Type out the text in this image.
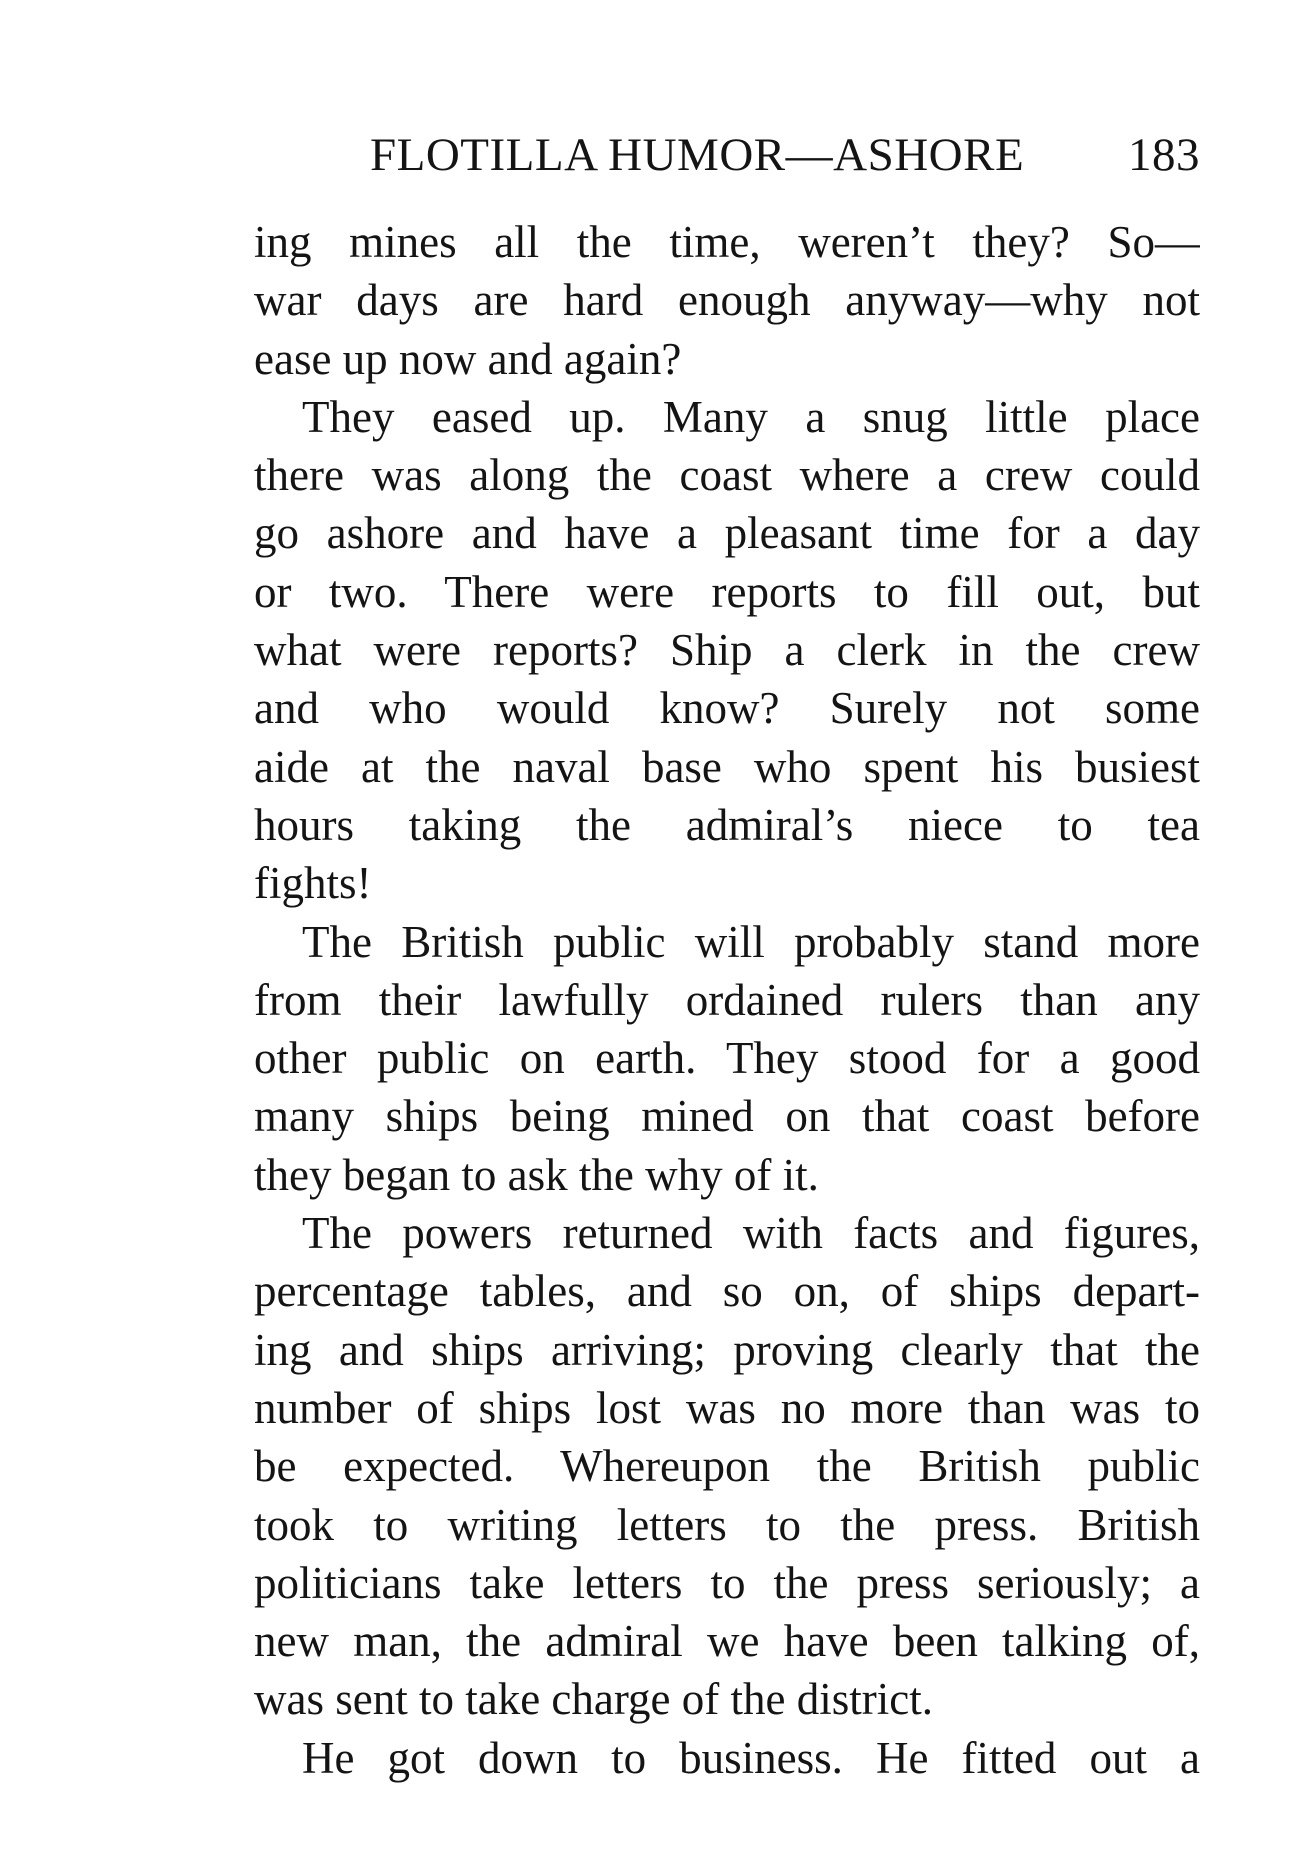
FLOTILLA HUMOR—ASHORE 183
ing mines all the time, weren’t they? So—
war days are hard enough anyway—why not
ease up now and again?
They eased up. Many a snug little place
there was along the coast where a crew could
go ashore and have a pleasant time for a day
or two. There were reports to fill out, but
what were reports? Ship a clerk in the crew
and who would know? Surely not some
aide at the naval base who spent his busiest
hours taking the admiral’s niece to tea
fights!
The British public will probably stand more
from their lawfully ordained rulers than any
other public on earth. They stood for a good
many ships being mined on that coast before
they began to ask the why of it.
The powers returned with facts and figures,
percentage tables, and so on, of ships depart-
ing and ships arriving; proving clearly that the
number of ships lost was no more than was to
be expected. Whereupon the British public
took to writing letters to the press. British
politicians take letters to the press seriously; a
new man, the admiral we have been talking of,
was sent to take charge of the district.
He got down to business. He fitted out a
